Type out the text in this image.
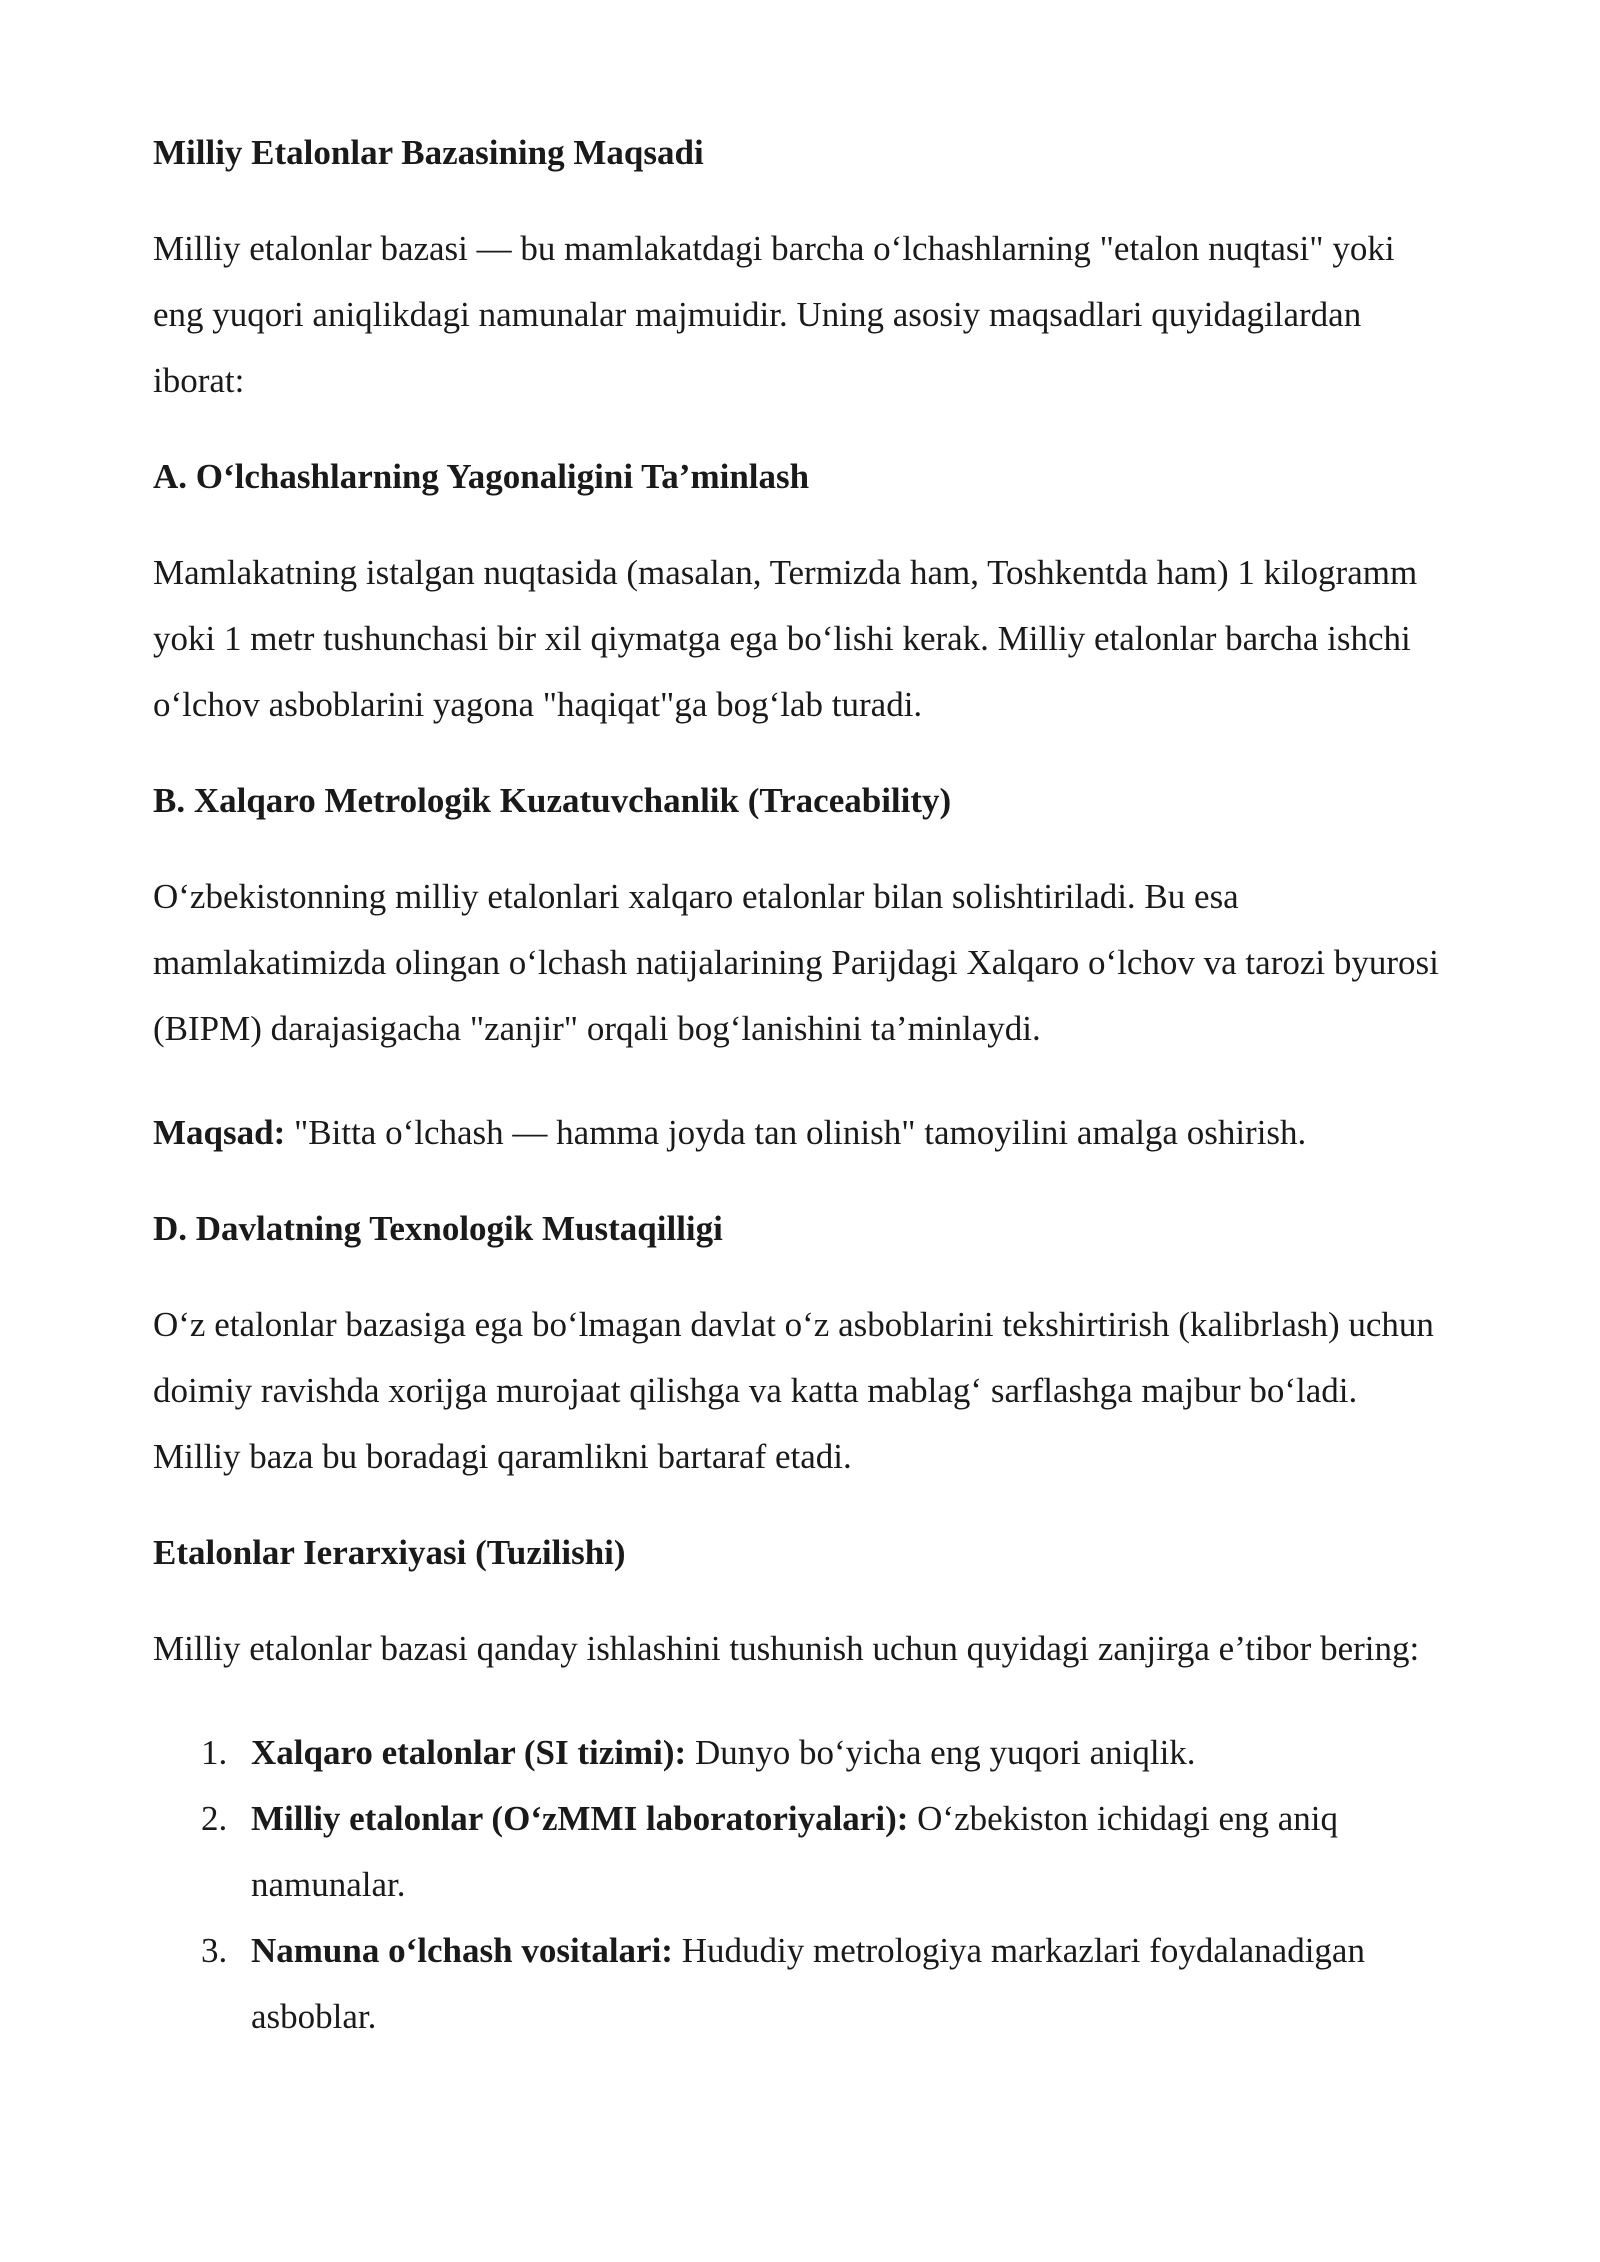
Milliy Etalonlar Bazasining Maqsadi
Milliy etalonlar bazasi — bu mamlakatdagi barcha o‘lchashlarning "etalon nuqtasi" yoki eng yuqori aniqlikdagi namunalar majmuidir. Uning asosiy maqsadlari quyidagilardan iborat:
A. O‘lchashlarning Yagonaligini Ta’minlash
Mamlakatning istalgan nuqtasida (masalan, Termizda ham, Toshkentda ham) 1 kilogramm yoki 1 metr tushunchasi bir xil qiymatga ega bo‘lishi kerak. Milliy etalonlar barcha ishchi o‘lchov asboblarini yagona "haqiqat"ga bog‘lab turadi.
B. Xalqaro Metrologik Kuzatuvchanlik (Traceability)
O‘zbekistonning milliy etalonlari xalqaro etalonlar bilan solishtiriladi. Bu esa mamlakatimizda olingan o‘lchash natijalarining Parijdagi Xalqaro o‘lchov va tarozi byurosi (BIPM) darajasigacha "zanjir" orqali bog‘lanishini ta’minlaydi.
Maqsad: "Bitta o‘lchash — hamma joyda tan olinish" tamoyilini amalga oshirish.
D. Davlatning Texnologik Mustaqilligi
O‘z etalonlar bazasiga ega bo‘lmagan davlat o‘z asboblarini tekshirtirish (kalibrlash) uchun doimiy ravishda xorijga murojaat qilishga va katta mablag‘ sarflashga majbur bo‘ladi. Milliy baza bu boradagi qaramlikni bartaraf etadi.
Etalonlar Ierarxiyasi (Tuzilishi)
Milliy etalonlar bazasi qanday ishlashini tushunish uchun quyidagi zanjirga e’tibor bering:
1. Xalqaro etalonlar (SI tizimi): Dunyo bo‘yicha eng yuqori aniqlik.
2. Milliy etalonlar (O‘zMMI laboratoriyalari): O‘zbekiston ichidagi eng aniq namunalar.
3. Namuna o‘lchash vositalari: Hududiy metrologiya markazlari foydalanadigan asboblar.
